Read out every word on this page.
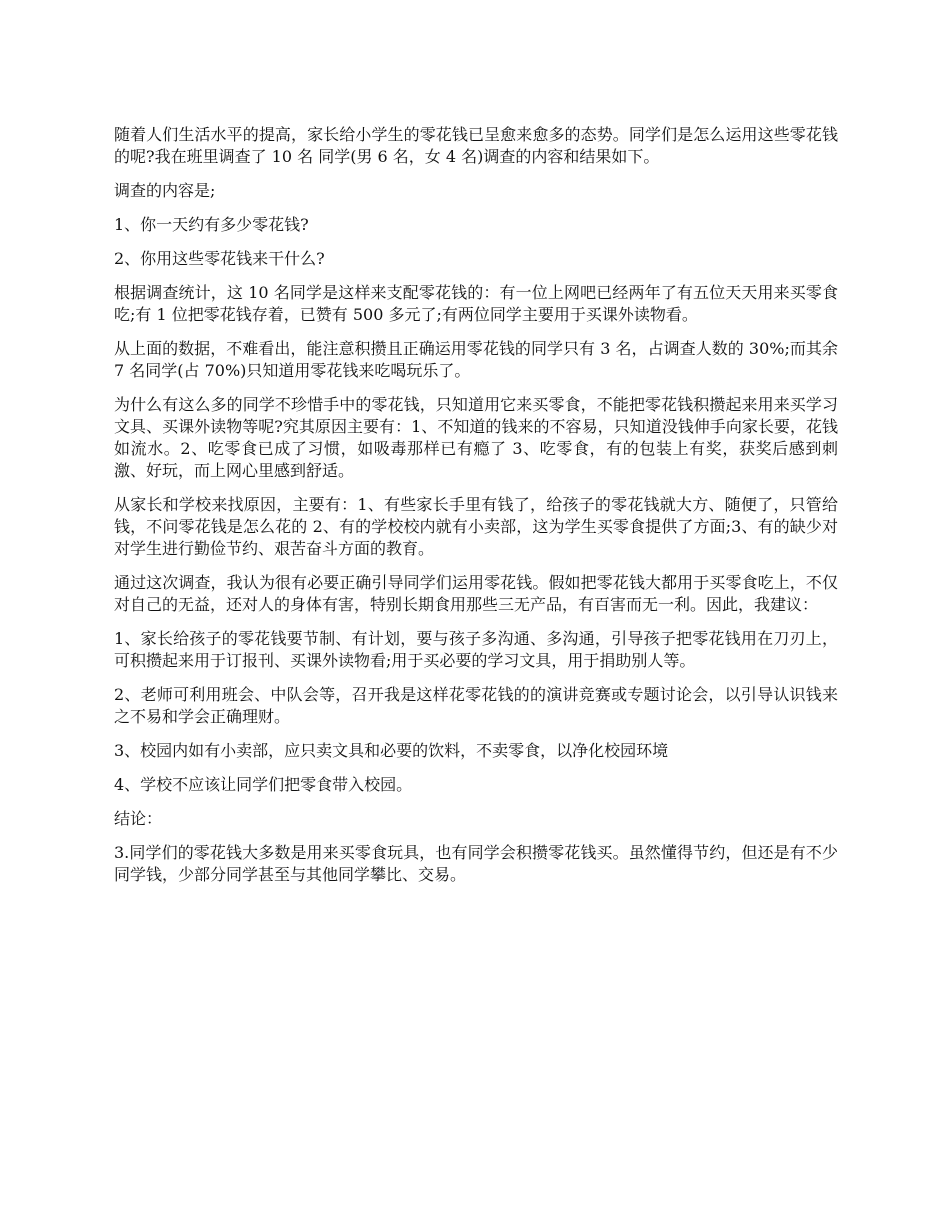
随着人们生活水平的提高，家长给小学生的零花钱已呈愈来愈多的态势。同学们是怎么运用这些零花钱的呢?我在班里调查了 10 名 同学(男 6 名，女 4 名)调查的内容和结果如下。

调查的内容是;

1、你一天约有多少零花钱?

2、你用这些零花钱来干什么?

根据调查统计，这 10 名同学是这样来支配零花钱的：有一位上网吧已经两年了有五位天天用来买零食吃;有 1 位把零花钱存着，已赞有 500 多元了;有两位同学主要用于买课外读物看。

从上面的数据，不难看出，能注意积攒且正确运用零花钱的同学只有 3 名，占调查人数的 30%;而其余 7 名同学(占 70%)只知道用零花钱来吃喝玩乐了。

为什么有这么多的同学不珍惜手中的零花钱，只知道用它来买零食，不能把零花钱积攒起来用来买学习文具、买课外读物等呢?究其原因主要有：1、不知道的钱来的不容易，只知道没钱伸手向家长要，花钱如流水。2、吃零食已成了习惯，如吸毒那样已有瘾了 3、吃零食，有的包装上有奖，获奖后感到刺激、好玩，而上网心里感到舒适。

从家长和学校来找原因，主要有：1、有些家长手里有钱了，给孩子的零花钱就大方、随便了，只管给钱，不问零花钱是怎么花的 2、有的学校校内就有小卖部，这为学生买零食提供了方面;3、有的缺少对对学生进行勤俭节约、艰苦奋斗方面的教育。

通过这次调查，我认为很有必要正确引导同学们运用零花钱。假如把零花钱大都用于买零食吃上，不仅对自己的无益，还对人的身体有害，特别长期食用那些三无产品，有百害而无一利。因此，我建议：

1、家长给孩子的零花钱要节制、有计划，要与孩子多沟通、多沟通，引导孩子把零花钱用在刀刃上，可积攒起来用于订报刊、买课外读物看;用于买必要的学习文具，用于捐助别人等。

2、老师可利用班会、中队会等，召开我是这样花零花钱的的演讲竞赛或专题讨论会，以引导认识钱来之不易和学会正确理财。

3、校园内如有小卖部，应只卖文具和必要的饮料，不卖零食，以净化校园环境

4、学校不应该让同学们把零食带入校园。

结论：

3.同学们的零花钱大多数是用来买零食玩具，也有同学会积攒零花钱买。虽然懂得节约，但还是有不少同学钱，少部分同学甚至与其他同学攀比、交易。
